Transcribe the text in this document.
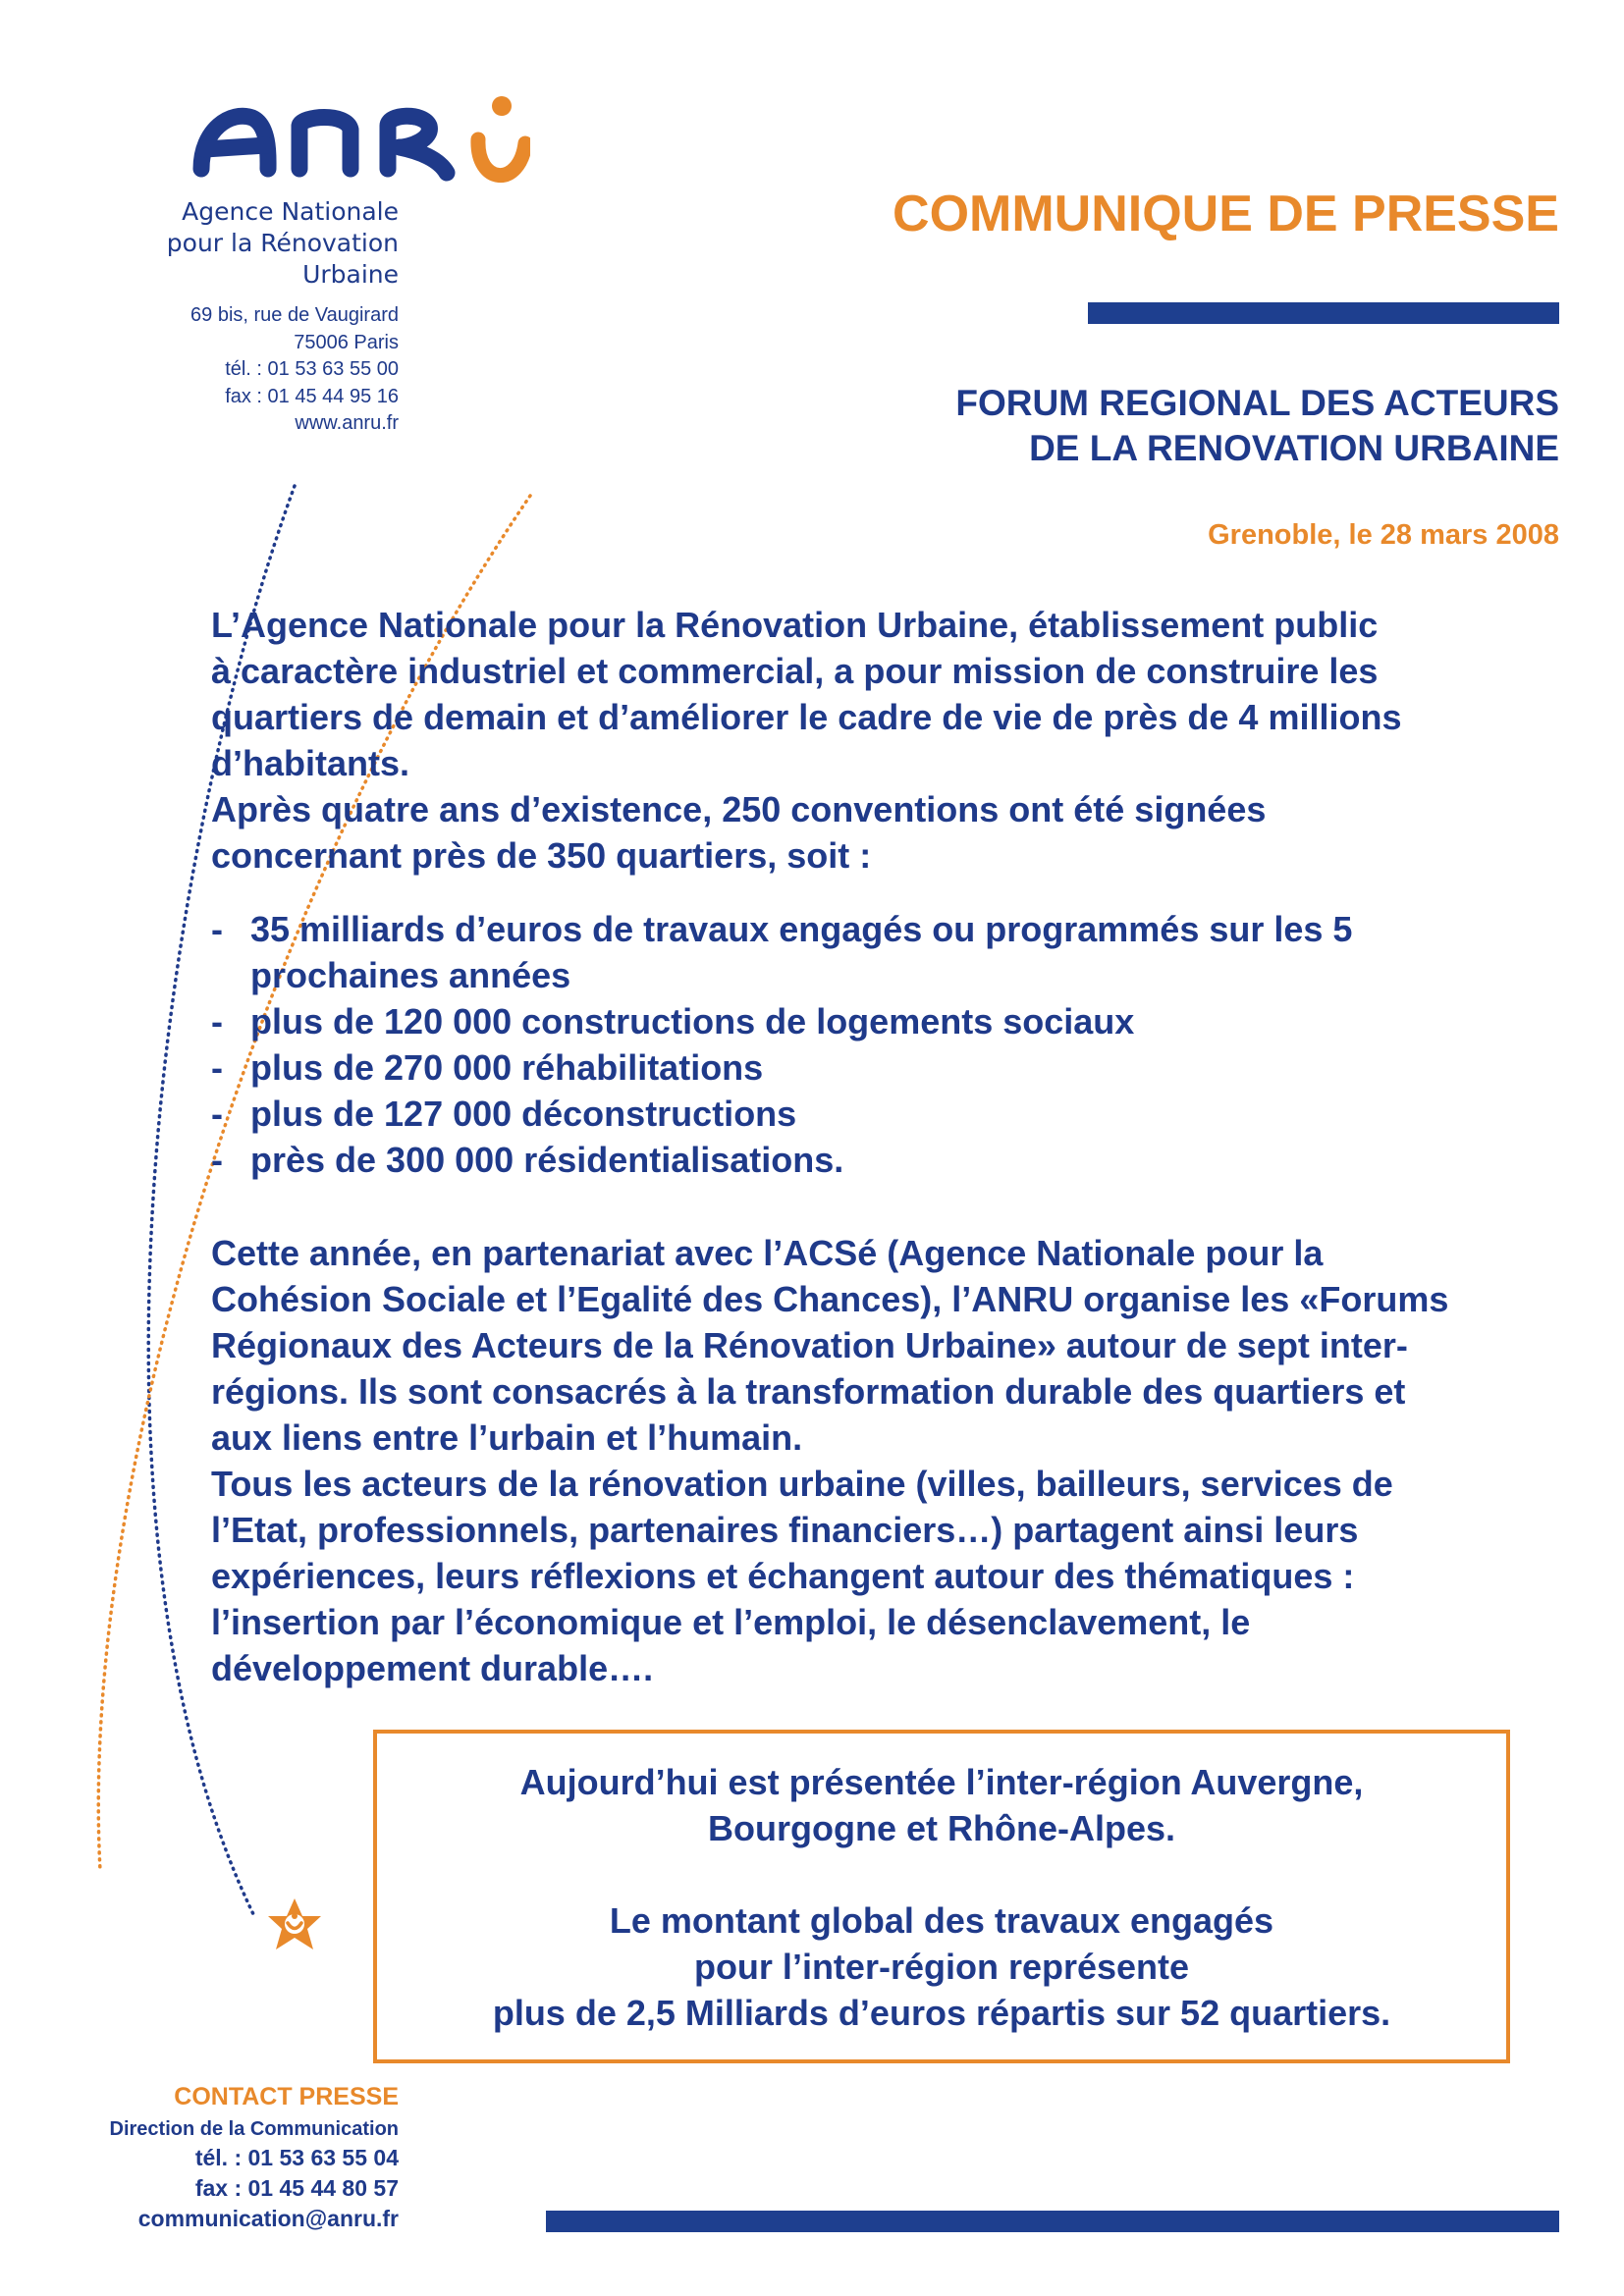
Agence Nationale
pour la Rénovation
Urbaine
69 bis, rue de Vaugirard
75006 Paris
tél. : 01 53 63 55 00
fax : 01 45 44 95 16
www.anru.fr
COMMUNIQUE DE PRESSE
FORUM REGIONAL DES ACTEURS
DE LA RENOVATION URBAINE
Grenoble, le 28 mars 2008
L’Agence Nationale pour la Rénovation Urbaine, établissement public
à caractère industriel et commercial, a pour mission de construire les
quartiers de demain et d’améliorer le cadre de vie de près de 4 millions
d’habitants.
Après quatre ans d’existence, 250 conventions ont été signées
concernant près de 350 quartiers, soit :
- 35 milliards d’euros de travaux engagés ou programmés sur les 5
prochaines années
- plus de 120 000 constructions de logements sociaux
- plus de 270 000 réhabilitations
- plus de 127 000 déconstructions
- près de 300 000 résidentialisations.
Cette année, en partenariat avec l’ACSé (Agence Nationale pour la
Cohésion Sociale et l’Egalité des Chances), l’ANRU organise les «Forums
Régionaux des Acteurs de la Rénovation Urbaine» autour de sept inter-
régions. Ils sont consacrés à la transformation durable des quartiers et
aux liens entre l’urbain et l’humain.
Tous les acteurs de la rénovation urbaine (villes, bailleurs, services de
l’Etat, professionnels, partenaires financiers…) partagent ainsi leurs
expériences, leurs réflexions et échangent autour des thématiques :
l’insertion par l’économique et l’emploi, le désenclavement, le
développement durable….
Aujourd’hui est présentée l’inter-région Auvergne,
Bourgogne et Rhône-Alpes.
Le montant global des travaux engagés
pour l’inter-région représente
plus de 2,5 Milliards d’euros répartis sur 52 quartiers.
CONTACT PRESSE
Direction de la Communication
tél. : 01 53 63 55 04
fax : 01 45 44 80 57
communication@anru.fr
